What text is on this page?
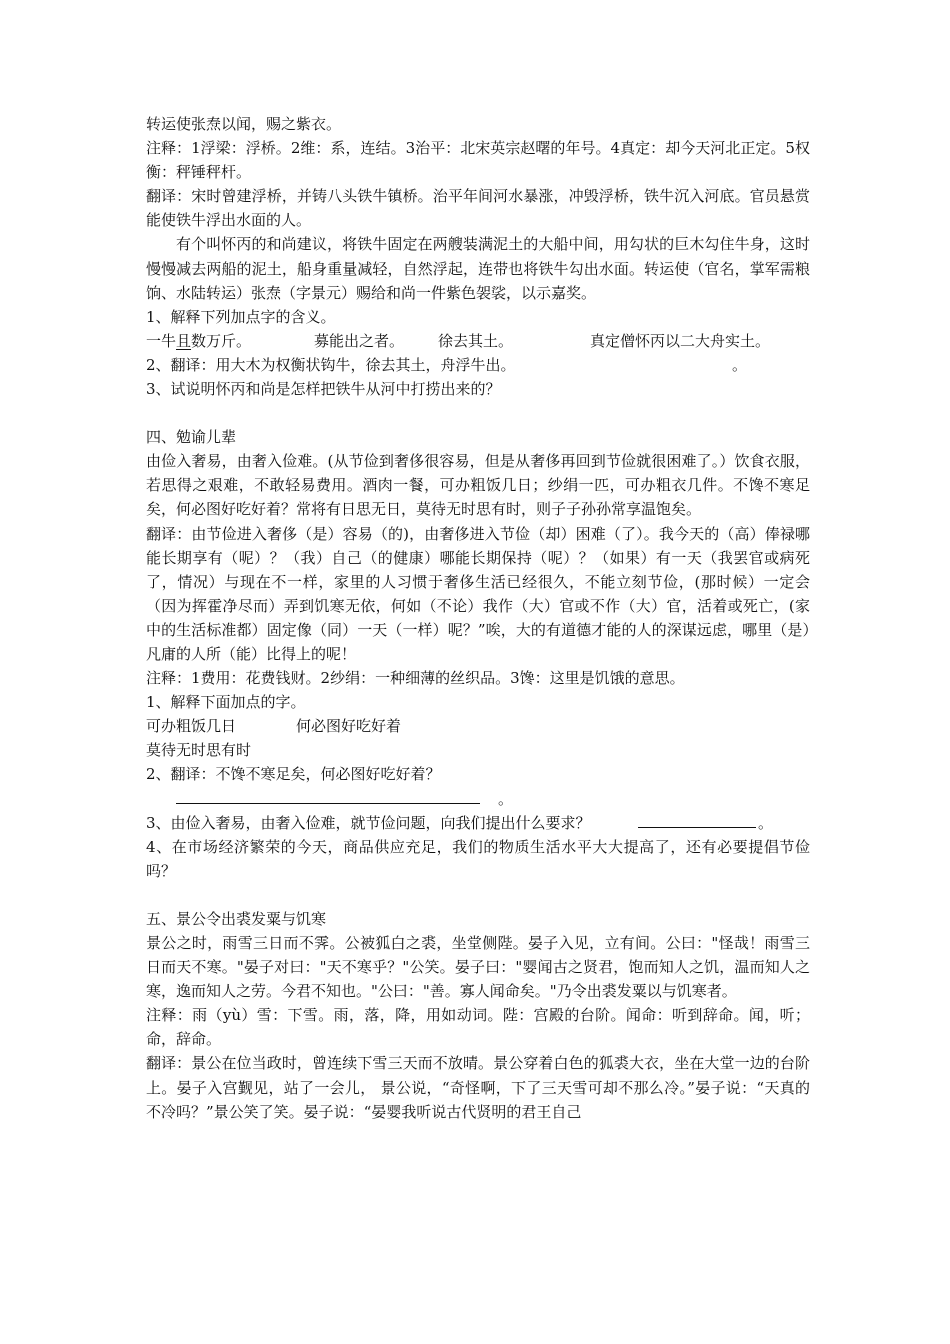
转运使张焘以闻，赐之紫衣。

注释：1浮梁：浮桥。2维：系，连结。3治平：北宋英宗赵曙的年号。4真定：却今天河北正定。5权衡：秤锤秤杆。

翻译：宋时曾建浮桥，并铸八头铁牛镇桥。治平年间河水暴涨，冲毁浮桥，铁牛沉入河底。官员悬赏能使铁牛浮出水面的人。

有个叫怀丙的和尚建议，将铁牛固定在两艘装满泥土的大船中间，用勾状的巨木勾住牛身，这时慢慢减去两船的泥土，船身重量减轻，自然浮起，连带也将铁牛勾出水面。转运使（官名，掌军需粮饷、水陆转运）张焘（字景元）赐给和尚一件紫色袈裟，以示嘉奖。

1、解释下列加点字的含义。

一牛且数万斤。	募能出之者。 徐去其土。	真定僧怀丙以二大舟实土。
2、翻译：用大木为权衡状钩牛，徐去其土，舟浮牛出。	。

3、试说明怀丙和尚是怎样把铁牛从河中打捞出来的？

四、勉谕儿辈

由俭入奢易，由奢入俭难。(从节俭到奢侈很容易，但是从奢侈再回到节俭就很困难了。）饮食衣服，若思得之艰难，不敢轻易费用。酒肉一餐，可办粗饭几日；纱绢一匹，可办粗衣几件。不馋不寒足矣，何必图好吃好着？常将有日思无日，莫待无时思有时，则子子孙孙常享温饱矣。

翻译：由节俭进入奢侈（是）容易（的)，由奢侈进入节俭（却）困难（了）。我今天的（高）俸禄哪能长期享有（呢）？（我）自己（的健康）哪能长期保持（呢）？（如果）有一天（我罢官或病死了，情况）与现在不一样，家里的人习惯于奢侈生活已经很久，不能立刻节俭，(那时候）一定会（因为挥霍净尽而）弄到饥寒无依，何如（不论）我作（大）官或不作（大）官，活着或死亡，(家中的生活标准都）固定像（同）一天（一样）呢？”唉，大的有道德才能的人的深谋远虑，哪里（是）凡庸的人所（能）比得上的呢！

注释：1费用：花费钱财。2纱绢：一种细薄的丝织品。3馋：这里是饥饿的意思。

1、解释下面加点的字。

可办粗饭几日	何必图好吃好着

莫待无时思有时

2、翻译：不馋不寒足矣，何必图好吃好着？

。
3、由俭入奢易，由奢入俭难，就节俭问题，向我们提出什么要求？	。

4、在市场经济繁荣的今天，商品供应充足，我们的物质生活水平大大提高了，还有必要提倡节俭吗？

五、景公令出裘发粟与饥寒

景公之时，雨雪三日而不霁。公被狐白之裘，坐堂侧陛。晏子入见，立有间。公曰："怪哉！雨雪三日而天不寒。"晏子对曰："天不寒乎？"公笑。晏子曰："婴闻古之贤君，饱而知人之饥，温而知人之寒，逸而知人之劳。今君不知也。"公曰："善。寡人闻命矣。"乃令出裘发粟以与饥寒者。

注释：雨（yù）雪：下雪。雨，落，降，用如动词。陛：宫殿的台阶。闻命：听到辞命。闻，听；命，辞命。

翻译：景公在位当政时，曾连续下雪三天而不放晴。景公穿着白色的狐裘大衣，坐在大堂一边的台阶上。晏子入宫觐见，站了一会儿， 景公说，“奇怪啊，下了三天雪可却不那么冷。”晏子说：“天真的不冷吗？”景公笑了笑。晏子说：“晏婴我听说古代贤明的君王自己
